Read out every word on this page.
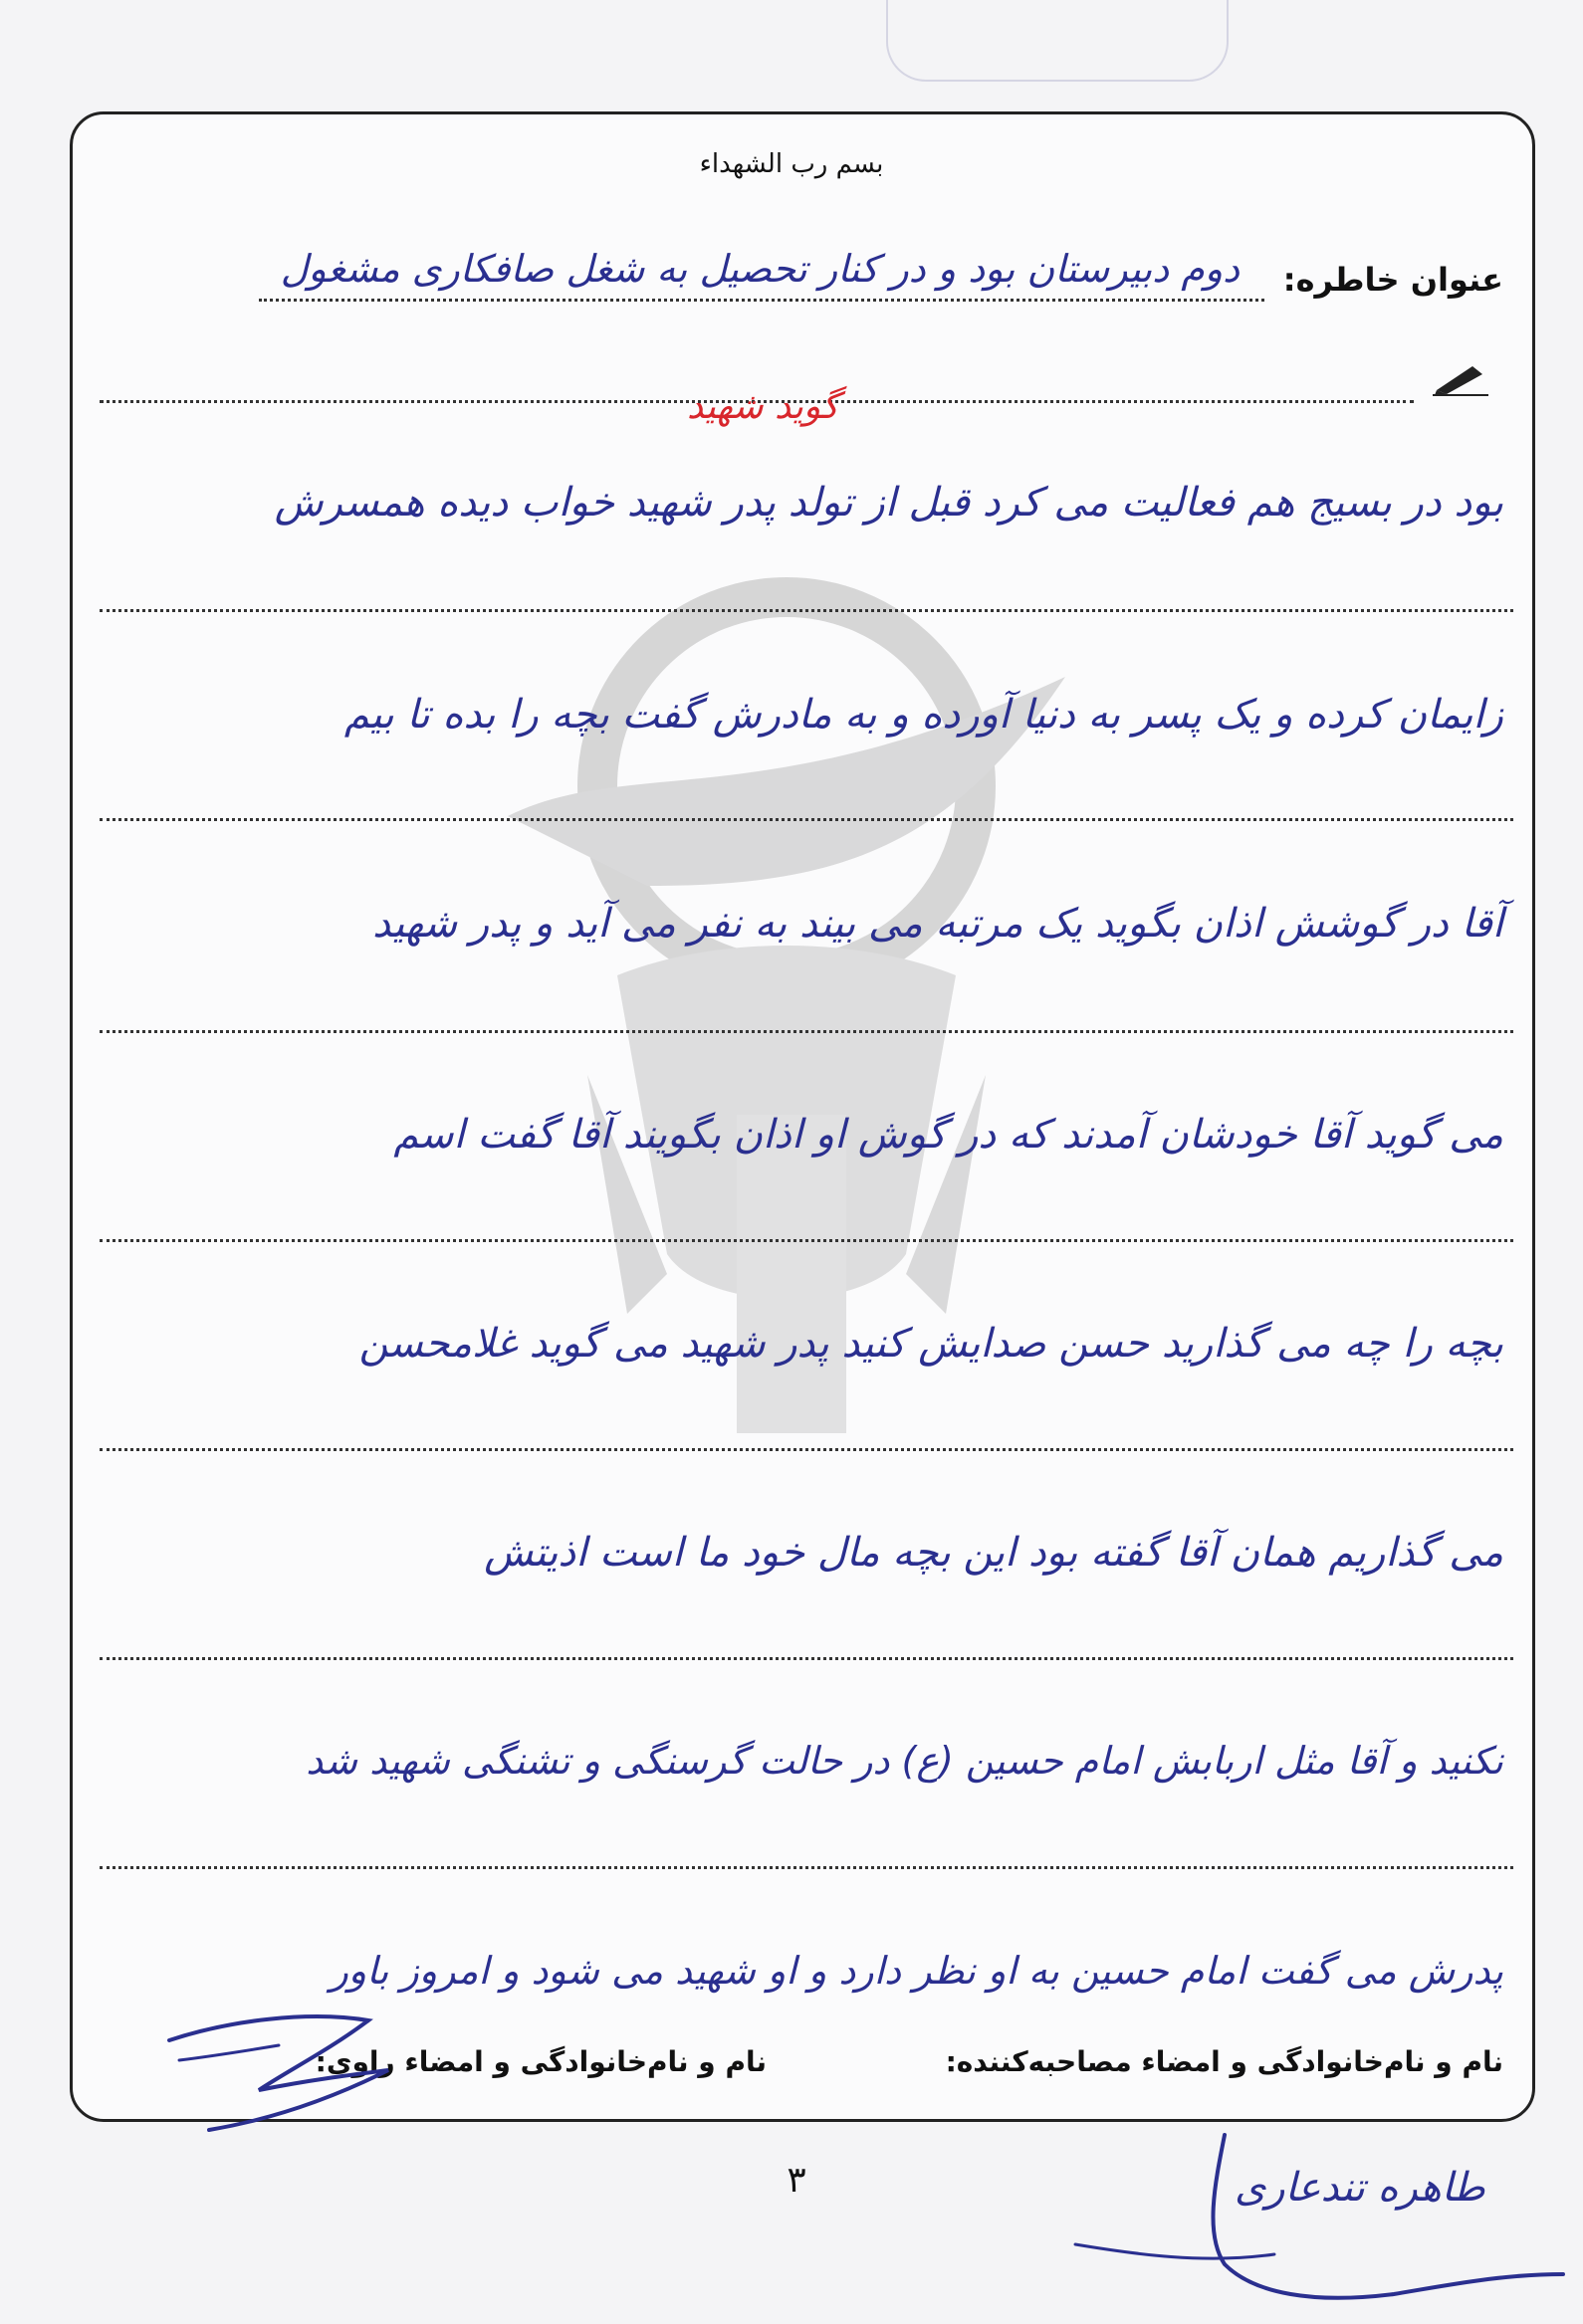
بسم رب الشهداء
عنوان خاطره:
دوم دبیرستان بود و در کنار تحصیل به شغل صافکاری مشغول
گوید شهید
بود در بسیج هم فعالیت می کرد قبل از تولد پدر شهید خواب دیده همسرش
زایمان کرده و یک پسر به دنیا آورده و به مادرش گفت بچه را بده تا بیم
آقا در گوشش اذان بگوید یک مرتبه می بیند به نفر می آید و پدر شهید
می گوید آقا خودشان آمدند که در گوش او اذان بگویند آقا گفت اسم
بچه را چه می گذارید حسن صدایش کنید پدر شهید می گوید غلامحسن
می گذاریم همان آقا گفته بود این بچه مال خود ما است اذیتش
نکنید و آقا مثل اربابش امام حسین (ع) در حالت گرسنگی و تشنگی شهید شد
پدرش می گفت امام حسین به او نظر دارد و او شهید می شود و امروز باور
نام و نام‌خانوادگی و امضاء مصاحبه‌کننده:
نام و نام‌خانوادگی و امضاء راوی:
۳	طاهره تندعاری
